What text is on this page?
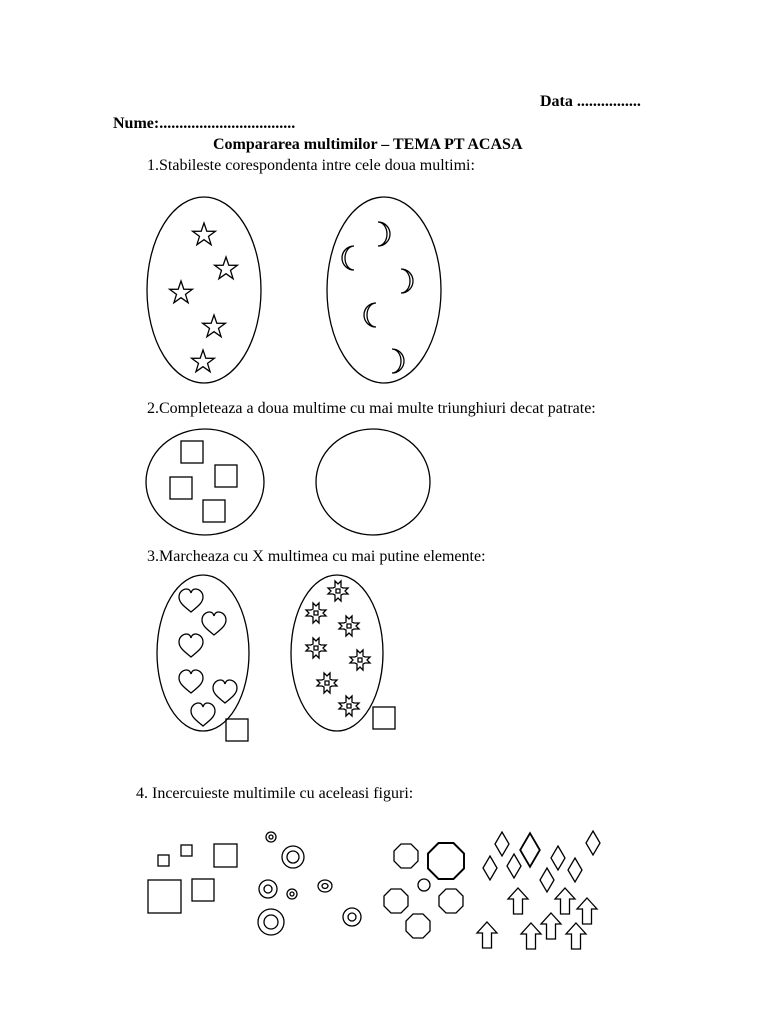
Data ................
Nume:..................................
Compararea multimilor – TEMA PT ACASA
1.Stabileste corespondenta intre cele doua multimi:
2.Completeaza a doua multime cu mai multe triunghiuri decat patrate:
3.Marcheaza cu X multimea cu mai putine elemente:
4. Incercuieste multimile cu aceleasi figuri:
